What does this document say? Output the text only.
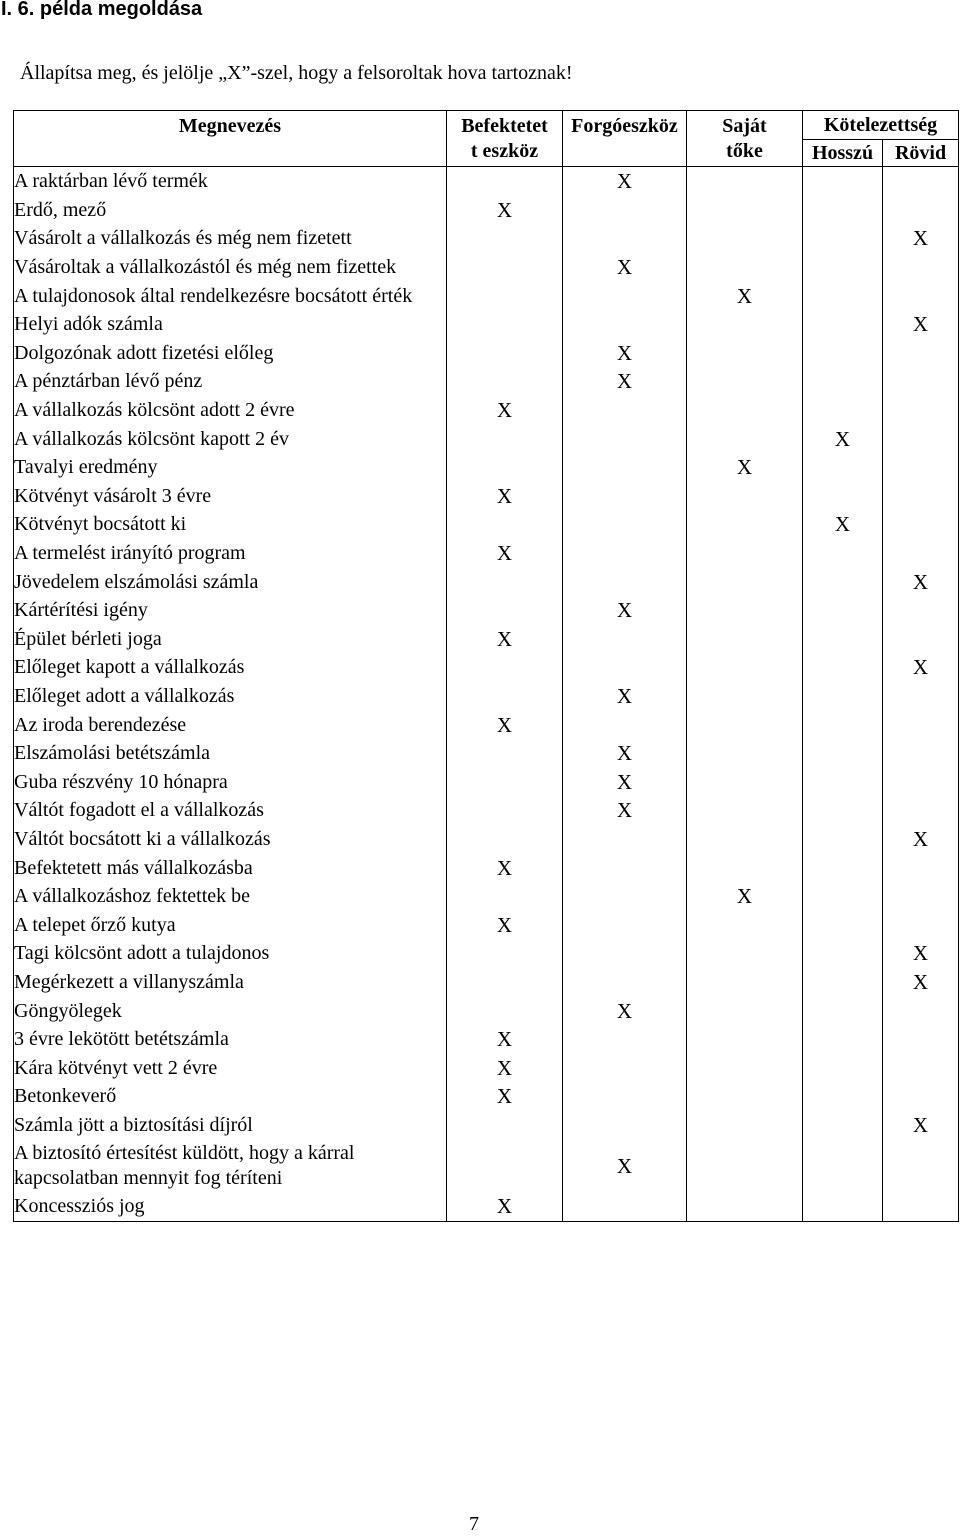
I. 6. példa megoldása

Állapítsa meg, és jelölje „X”-szel, hogy a felsoroltak hova tartoznak!

Megnevezés	Befektetet
t eszköz	Forgóeszköz	Saját
tőke	Kötelezettség	
				Hosszú	Rövid
A raktárban lévő termék		X			
Erdő, mező	X				
Vásárolt a vállalkozás és még nem fizetett					X
Vásároltak a vállalkozástól és még nem fizettek		X			
A tulajdonosok által rendelkezésre bocsátott érték			X		
Helyi adók számla					X
Dolgozónak adott fizetési előleg		X			
A pénztárban lévő pénz		X			
A vállalkozás kölcsönt adott 2 évre	X				
A vállalkozás kölcsönt kapott 2 év				X	
Tavalyi eredmény			X		
Kötvényt vásárolt 3 évre	X				
Kötvényt bocsátott ki				X	
A termelést irányító program	X				
Jövedelem elszámolási számla					X
Kártérítési igény		X			
Épület bérleti joga	X				
Előleget kapott a vállalkozás					X
Előleget adott a vállalkozás		X			
Az iroda berendezése	X				
Elszámolási betétszámla		X			
Guba részvény 10 hónapra		X			
Váltót fogadott el a vállalkozás		X			
Váltót bocsátott ki a vállalkozás					X
Befektetett más vállalkozásba	X				
A vállalkozáshoz fektettek be			X		
A telepet őrző kutya	X				
Tagi kölcsönt adott a tulajdonos					X
Megérkezett a villanyszámla					X
Göngyölegek		X			
3 évre lekötött betétszámla	X				
Kára kötvényt vett 2 évre	X				
Betonkeverő	X				
Számla jött a biztosítási díjról					X
A biztosító értesítést küldött, hogy a kárral kapcsolatban mennyit fog téríteni		X			
Koncessziós jog	X				
7
